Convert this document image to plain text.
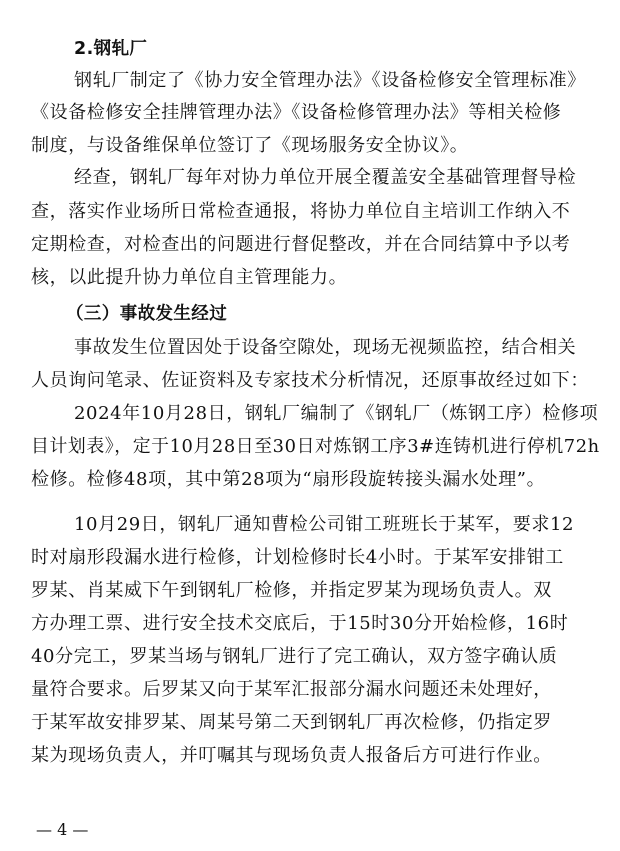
2.钢轧厂
钢轧厂制定了《协力安全管理办法》《设备检修安全管理标准》
《设备检修安全挂牌管理办法》《设备检修管理办法》等相关检修
制度，与设备维保单位签订了《现场服务安全协议》。
经查，钢轧厂每年对协力单位开展全覆盖安全基础管理督导检
查，落实作业场所日常检查通报，将协力单位自主培训工作纳入不
定期检查，对检查出的问题进行督促整改，并在合同结算中予以考
核，以此提升协力单位自主管理能力。
（三）事故发生经过
事故发生位置因处于设备空隙处，现场无视频监控，结合相关
人员询问笔录、佐证资料及专家技术分析情况，还原事故经过如下：
2024年10月28日，钢轧厂编制了《钢轧厂（炼钢工序）检修项
目计划表》，定于10月28日至30日对炼钢工序3#连铸机进行停机72h
检修。检修48项，其中第28项为“扇形段旋转接头漏水处理”。
10月29日，钢轧厂通知曹检公司钳工班班长于某军，要求12
时对扇形段漏水进行检修，计划检修时长4小时。于某军安排钳工
罗某、肖某威下午到钢轧厂检修，并指定罗某为现场负责人。双
方办理工票、进行安全技术交底后，于15时30分开始检修，16时
40分完工，罗某当场与钢轧厂进行了完工确认，双方签字确认质
量符合要求。后罗某又向于某军汇报部分漏水问题还未处理好，
于某军故安排罗某、周某号第二天到钢轧厂再次检修，仍指定罗
某为现场负责人，并叮嘱其与现场负责人报备后方可进行作业。
— 4 —
